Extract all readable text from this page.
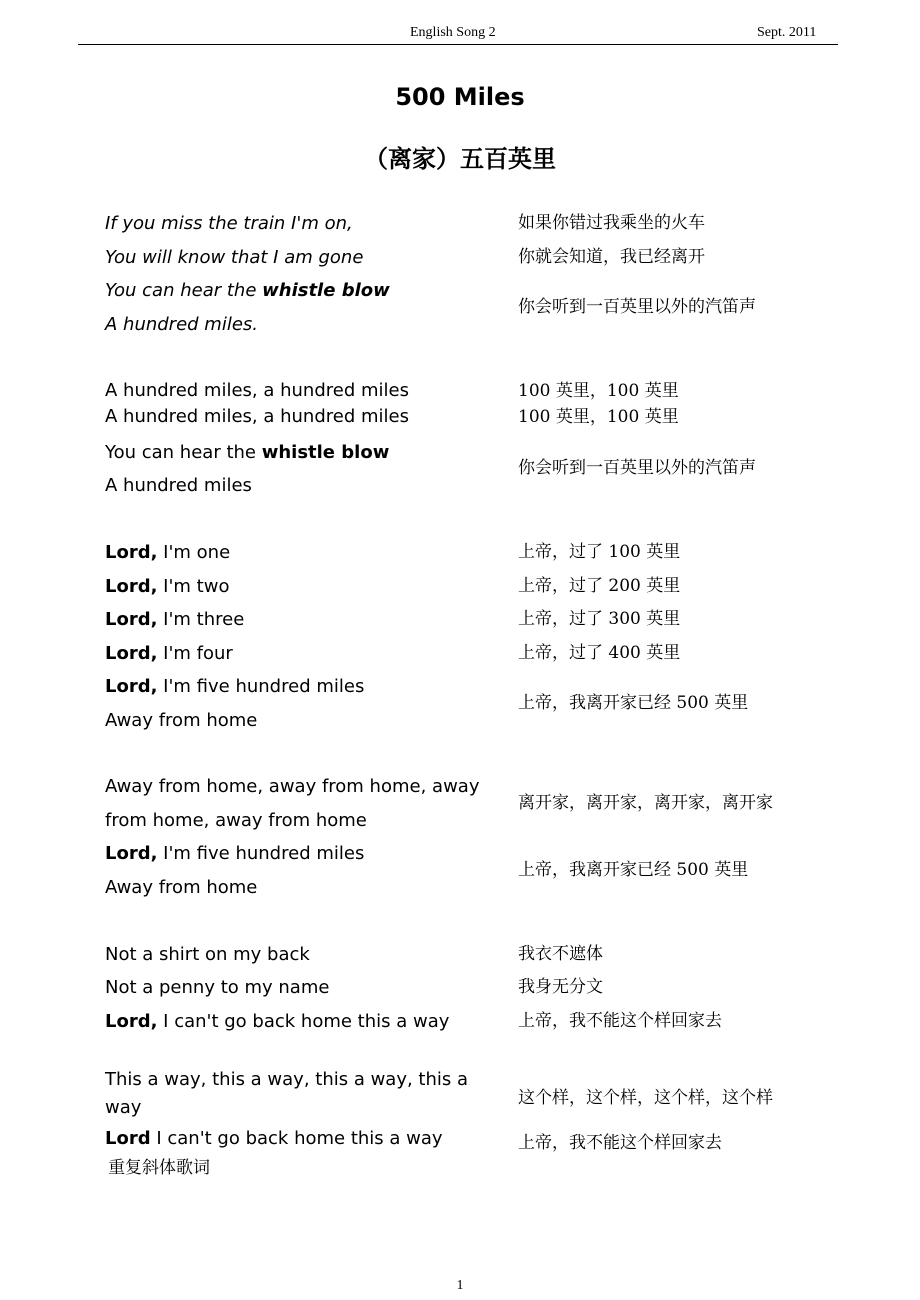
English Song 2	Sept. 2011
500 Miles
（离家）五百英里
If you miss the train I'm on,
You will know that I am gone
You can hear the whistle blow
A hundred miles.
如果你错过我乘坐的火车
你就会知道，我已经离开
你会听到一百英里以外的汽笛声
A hundred miles, a hundred miles
A hundred miles, a hundred miles
You can hear the whistle blow
A hundred miles
100 英里，100 英里
100 英里，100 英里
你会听到一百英里以外的汽笛声
Lord, I'm one
Lord, I'm two
Lord, I'm three
Lord, I'm four
Lord, I'm five hundred miles
Away from home
上帝，过了 100 英里
上帝，过了 200 英里
上帝，过了 300 英里
上帝，过了 400 英里
上帝，我离开家已经 500 英里
Away from home, away from home, away
from home, away from home
Lord, I'm five hundred miles
Away from home
离开家，离开家，离开家，离开家
上帝，我离开家已经 500 英里
Not a shirt on my back
Not a penny to my name
Lord, I can't go back home this a way
我衣不遮体
我身无分文
上帝，我不能这个样回家去
This a way, this a way, this a way, this a way
Lord I can't go back home this a way
这个样，这个样，这个样，这个样
上帝，我不能这个样回家去
重复斜体歌词
1
